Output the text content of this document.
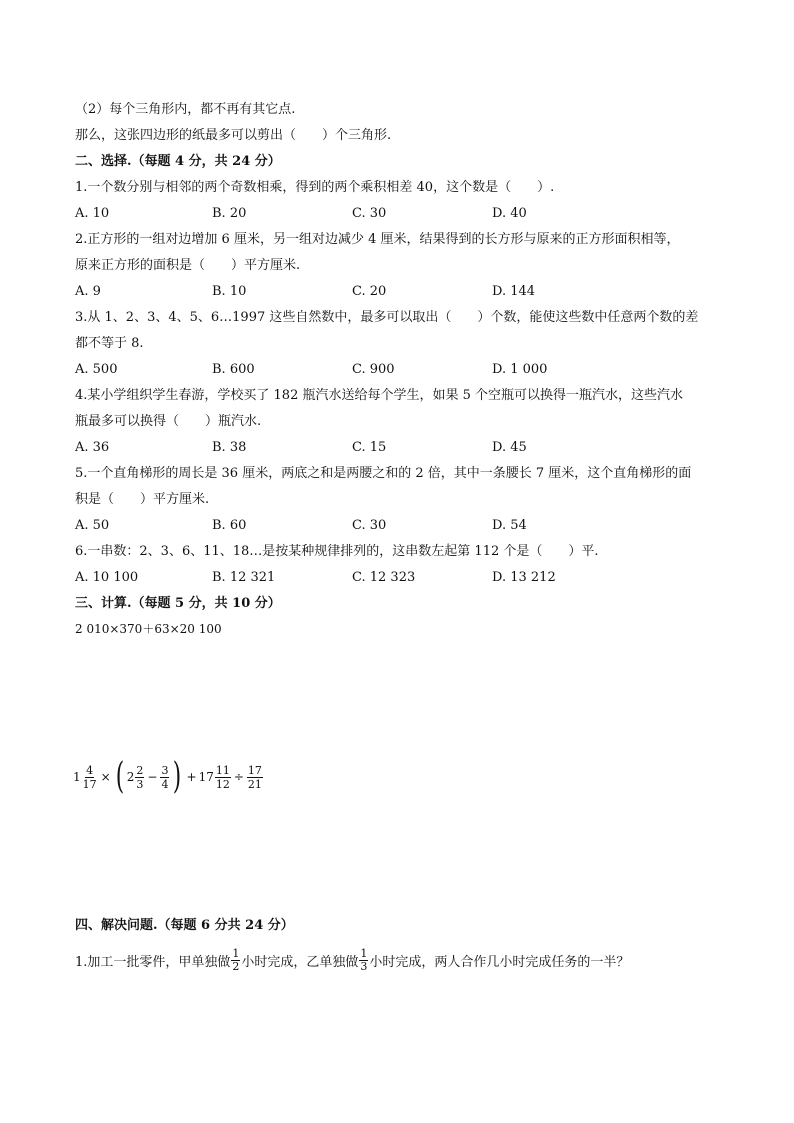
（2）每个三角形内，都不再有其它点.
那么，这张四边形的纸最多可以剪出（　　）个三角形.
二、选择.（每题 4 分，共 24 分）
1.一个数分别与相邻的两个奇数相乘，得到的两个乘积相差 40，这个数是（　　）.
A. 10	B. 20	C. 30	D. 40
2.正方形的一组对边增加 6 厘米，另一组对边减少 4 厘米，结果得到的长方形与原来的正方形面积相等，
原来正方形的面积是（　　）平方厘米.
A. 9	B. 10	C. 20	D. 144
3.从 1、2、3、4、5、6…1997 这些自然数中，最多可以取出（　　）个数，能使这些数中任意两个数的差
都不等于 8.
A. 500	B. 600	C. 900	D. 1 000
4.某小学组织学生春游，学校买了 182 瓶汽水送给每个学生，如果 5 个空瓶可以换得一瓶汽水，这些汽水
瓶最多可以换得（　　）瓶汽水.
A. 36	B. 38	C. 15	D. 45
5.一个直角梯形的周长是 36 厘米，两底之和是两腰之和的 2 倍，其中一条腰长 7 厘米，这个直角梯形的面
积是（　　）平方厘米.
A. 50	B. 60	C. 30	D. 54
6.一串数：2、3、6、11、18…是按某种规律排列的，这串数左起第 112 个是（　　）平.
A. 10 100	B. 12 321	C. 12 323	D. 13 212
三、计算.（每题 5 分，共 10 分）
2 010×370＋63×20 100
$1 \frac{4}{17}$ × ( $2 \frac{2}{3} - \frac{3}{4}$ ) + $17 \frac{11}{12} \div \frac{17}{21}$
四、解决问题.（每题 6 分共 24 分）
1.加工一批零件，甲单独做 $\frac{1}{2}$ 小时完成，乙单独做 $\frac{1}{3}$ 小时完成，两人合作几小时完成任务的一半？
